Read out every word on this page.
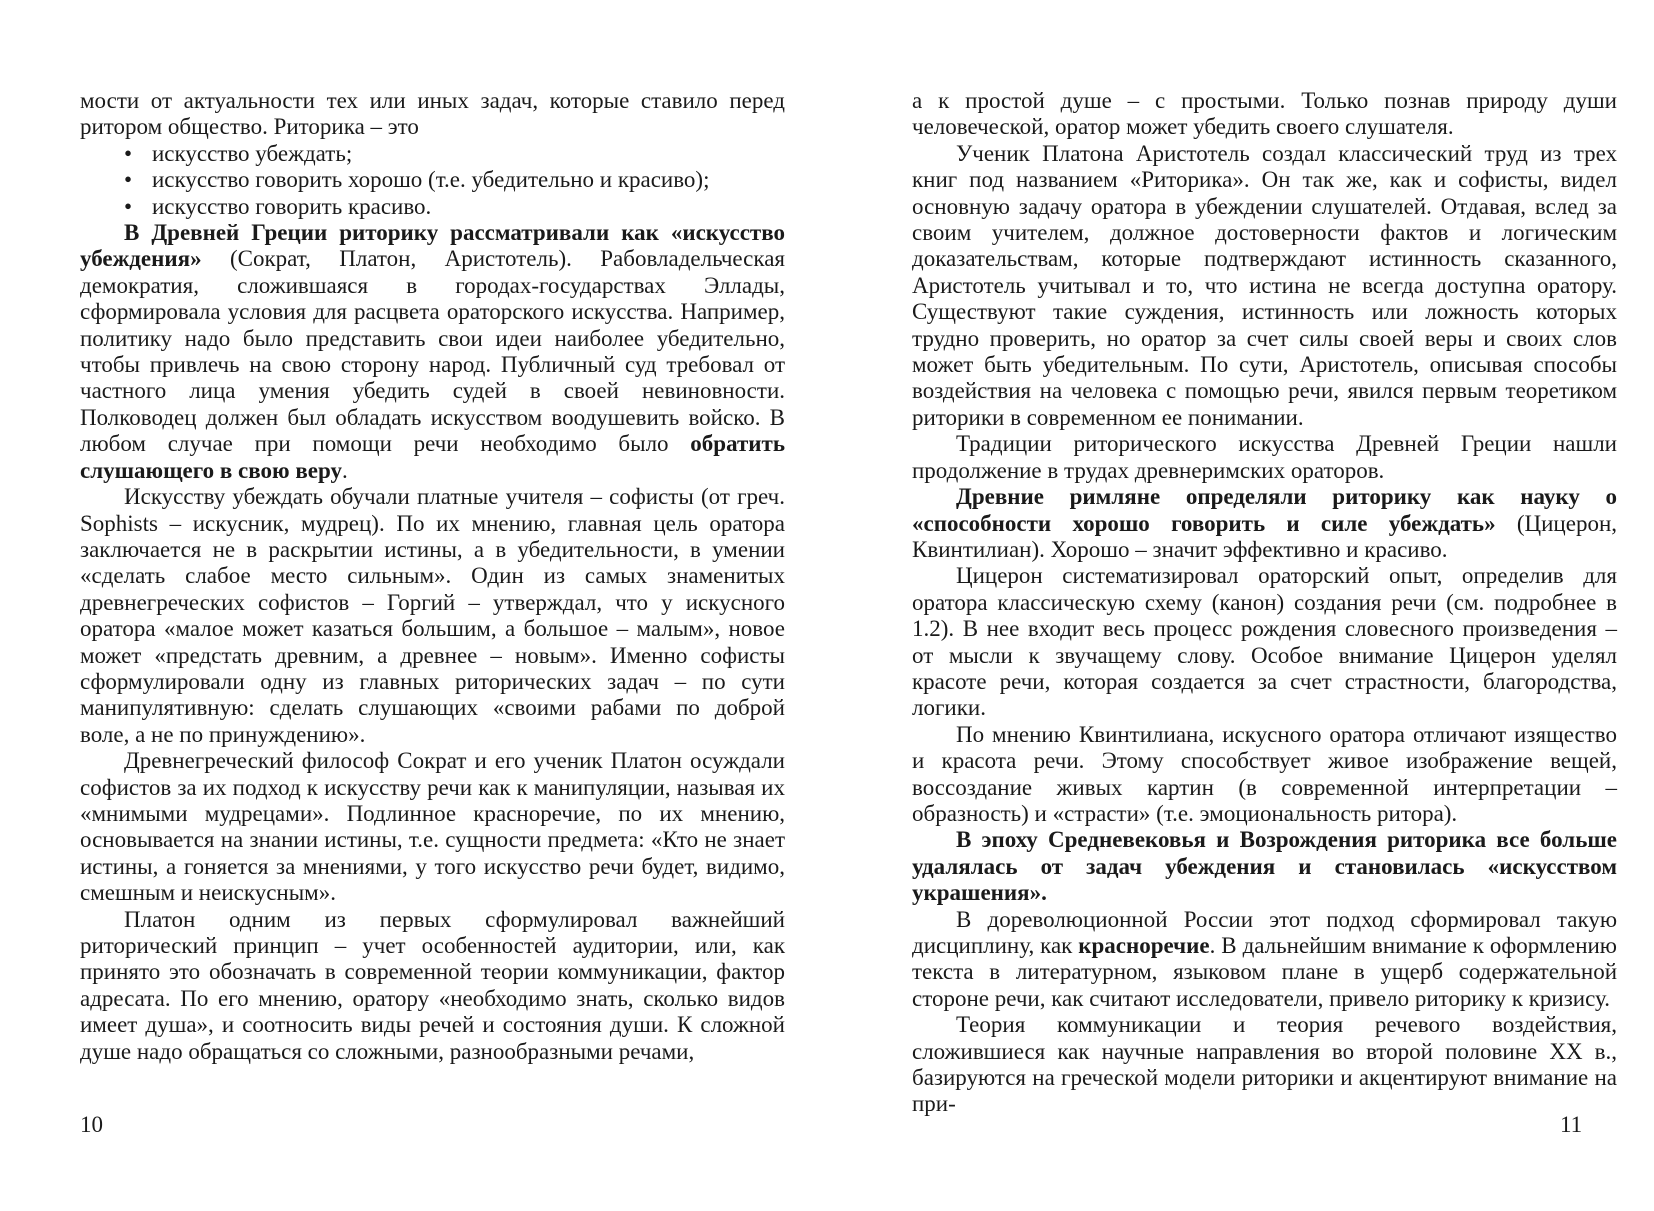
мости от актуальности тех или иных задач, которые ставило перед ритором общество. Риторика – это

• искусство убеждать;
• искусство говорить хорошо (т.е. убедительно и красиво);
• искусство говорить красиво.

В Древней Греции риторику рассматривали как «искусство убеждения» (Сократ, Платон, Аристотель). Рабовладельческая демократия, сложившаяся в городах-государствах Эллады, сформировала условия для расцвета ораторского искусства. Например, политику надо было представить свои идеи наиболее убедительно, чтобы привлечь на свою сторону народ. Публичный суд требовал от частного лица умения убедить судей в своей невиновности. Полководец должен был обладать искусством воодушевить войско. В любом случае при помощи речи необходимо было обратить слушающего в свою веру.

Искусству убеждать обучали платные учителя – софисты (от греч. Sophists – искусник, мудрец). По их мнению, главная цель оратора заключается не в раскрытии истины, а в убедительности, в умении «сделать слабое место сильным». Один из самых знаменитых древнегреческих софистов – Горгий – утверждал, что у искусного оратора «малое может казаться большим, а большое – малым», новое может «предстать древним, а древнее – новым». Именно софисты сформулировали одну из главных риторических задач – по сути манипулятивную: сделать слушающих «своими рабами по доброй воле, а не по принуждению».

Древнегреческий философ Сократ и его ученик Платон осуждали софистов за их подход к искусству речи как к манипуляции, называя их «мнимыми мудрецами». Подлинное красноречие, по их мнению, основывается на знании истины, т.е. сущности предмета: «Кто не знает истины, а гоняется за мнениями, у того искусство речи будет, видимо, смешным и неискусным».

Платон одним из первых сформулировал важнейший риторический принцип – учет особенностей аудитории, или, как принято это обозначать в современной теории коммуникации, фактор адресата. По его мнению, оратору «необходимо знать, сколько видов имеет душа», и соотносить виды речей и состояния души. К сложной душе надо обращаться со сложными, разнообразными речами,

10

а к простой душе – с простыми. Только познав природу души человеческой, оратор может убедить своего слушателя.

Ученик Платона Аристотель создал классический труд из трех книг под названием «Риторика». Он так же, как и софисты, видел основную задачу оратора в убеждении слушателей. Отдавая, вслед за своим учителем, должное достоверности фактов и логическим доказательствам, которые подтверждают истинность сказанного, Аристотель учитывал и то, что истина не всегда доступна оратору. Существуют такие суждения, истинность или ложность которых трудно проверить, но оратор за счет силы своей веры и своих слов может быть убедительным. По сути, Аристотель, описывая способы воздействия на человека с помощью речи, явился первым теоретиком риторики в современном ее понимании.

Традиции риторического искусства Древней Греции нашли продолжение в трудах древнеримских ораторов.

Древние римляне определяли риторику как науку о «способности хорошо говорить и силе убеждать» (Цицерон, Квинтилиан). Хорошо – значит эффективно и красиво.

Цицерон систематизировал ораторский опыт, определив для оратора классическую схему (канон) создания речи (см. подробнее в 1.2). В нее входит весь процесс рождения словесного произведения – от мысли к звучащему слову. Особое внимание Цицерон уделял красоте речи, которая создается за счет страстности, благородства, логики.

По мнению Квинтилиана, искусного оратора отличают изящество и красота речи. Этому способствует живое изображение вещей, воссоздание живых картин (в современной интерпретации – образность) и «страсти» (т.е. эмоциональность ритора).

В эпоху Средневековья и Возрождения риторика все больше удалялась от задач убеждения и становилась «искусством украшения».

В дореволюционной России этот подход сформировал такую дисциплину, как красноречие. В дальнейшим внимание к оформлению текста в литературном, языковом плане в ущерб содержательной стороне речи, как считают исследователи, привело риторику к кризису.

Теория коммуникации и теория речевого воздействия, сложившиеся как научные направления во второй половине XX в., базируются на греческой модели риторики и акцентируют внимание на при-

11
